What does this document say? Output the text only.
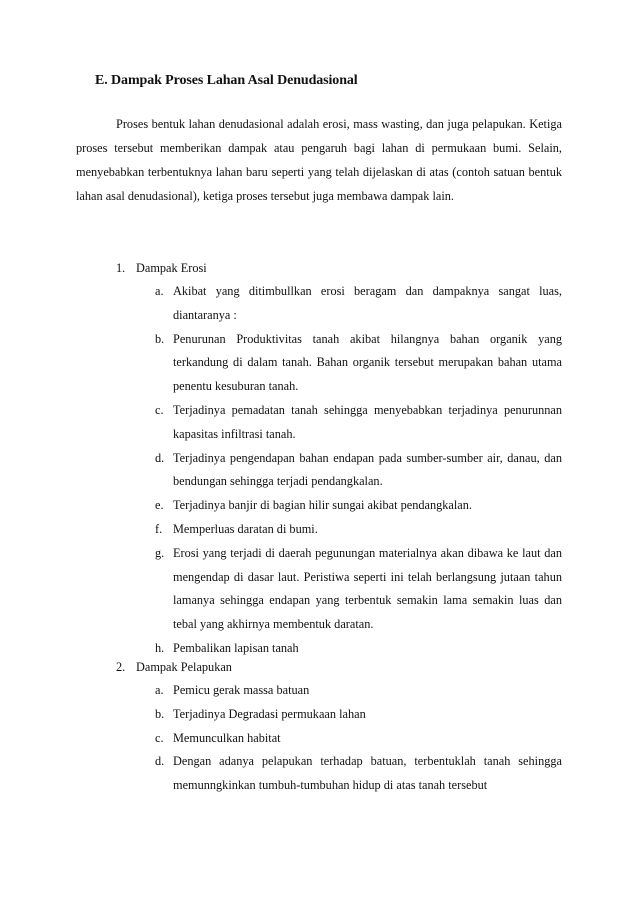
E. Dampak Proses Lahan Asal Denudasional
Proses bentuk lahan denudasional adalah erosi, mass wasting, dan juga pelapukan. Ketiga proses tersebut memberikan dampak atau pengaruh bagi lahan di permukaan bumi. Selain, menyebabkan terbentuknya lahan baru seperti yang telah dijelaskan di atas (contoh satuan bentuk lahan asal denudasional), ketiga proses tersebut juga membawa dampak lain.
1. Dampak Erosi
a. Akibat yang ditimbullkan erosi beragam dan dampaknya sangat luas, diantaranya :
b. Penurunan Produktivitas tanah akibat hilangnya bahan organik yang terkandung di dalam tanah. Bahan organik tersebut merupakan bahan utama penentu kesuburan tanah.
c. Terjadinya pemadatan tanah sehingga menyebabkan terjadinya penurunnan kapasitas infiltrasi tanah.
d. Terjadinya pengendapan bahan endapan pada sumber-sumber air, danau, dan bendungan sehingga terjadi pendangkalan.
e. Terjadinya banjir di bagian hilir sungai akibat pendangkalan.
f. Memperluas daratan di bumi.
g. Erosi yang terjadi di daerah pegunungan materialnya akan dibawa ke laut dan mengendap di dasar laut. Peristiwa seperti ini telah berlangsung jutaan tahun lamanya sehingga endapan yang terbentuk semakin lama semakin luas dan tebal yang akhirnya membentuk daratan.
h. Pembalikan lapisan tanah
2. Dampak Pelapukan
a. Pemicu gerak massa batuan
b. Terjadinya Degradasi permukaan lahan
c. Memunculkan habitat
d. Dengan adanya pelapukan terhadap batuan, terbentuklah tanah sehingga memunngkinkan tumbuh-tumbuhan hidup di atas tanah tersebut
